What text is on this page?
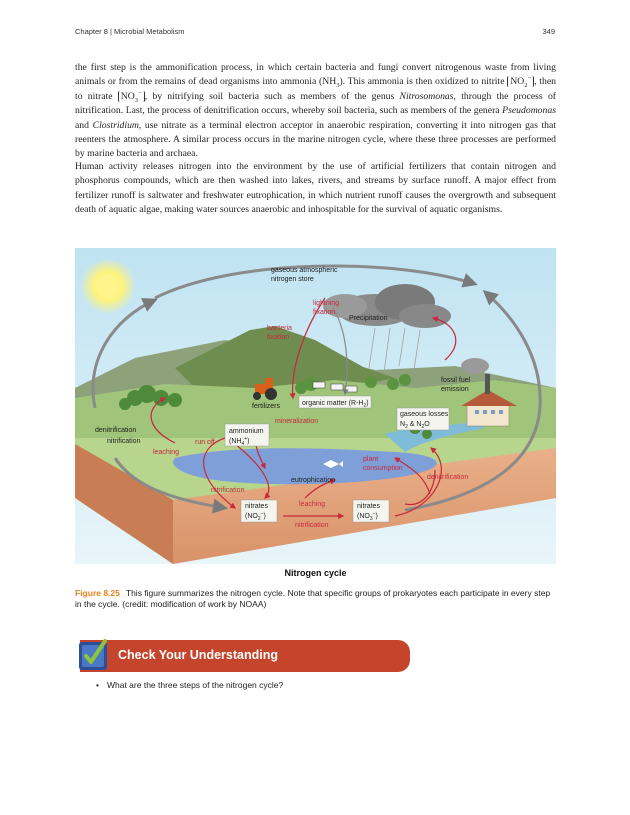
Chapter 8 | Microbial Metabolism	349
the first step is the ammonification process, in which certain bacteria and fungi convert nitrogenous waste from living animals or from the remains of dead organisms into ammonia $(NH_3)$. This ammonia is then oxidized to nitrite $NO_2^-$ , then to nitrate $NO_3^-$ , by nitrifying soil bacteria such as members of the genus Nitrosomonas, through the process of nitrification. Last, the process of denitrification occurs, whereby soil bacteria, such as members of the genera Pseudomonas and Clostridium, use nitrate as a terminal electron acceptor in anaerobic respiration, converting it into nitrogen gas that reenters the atmosphere. A similar process occurs in the marine nitrogen cycle, where these three processes are performed by marine bacteria and archaea.
Human activity releases nitrogen into the environment by the use of artificial fertilizers that contain nitrogen and phosphorus compounds, which are then washed into lakes, rivers, and streams by surface runoff. A major effect from fertilizer runoff is saltwater and freshwater eutrophication, in which nutrient runoff causes the overgrowth and subsequent death of aquatic algae, making water sources anaerobic and inhospitable for the survival of aquatic organisms.
gaseous atmospheric
nitrogen store
lightning
fixation
Precipitation
bacteria
fixation
fossil fuel
emission
fertilizers	organic matter $(R-H_2)$
gaseous losses
$N_2$ & $N_2O$
mineralization
denitrification
nitrification
ammonium
$(NH_4^+)$
run off
leaching
plant
consumption
eutrophication	denitrification
nitrification
nitrates
$(NO_2^-)$
leaching	nitrates
$(NO_3^-)$
nitrification
Nitrogen cycle
Figure 8.25 This figure summarizes the nitrogen cycle. Note that specific groups of prokaryotes each participate in every step in the cycle. (credit: modification of work by NOAA)
Check Your Understanding
• What are the three steps of the nitrogen cycle?
